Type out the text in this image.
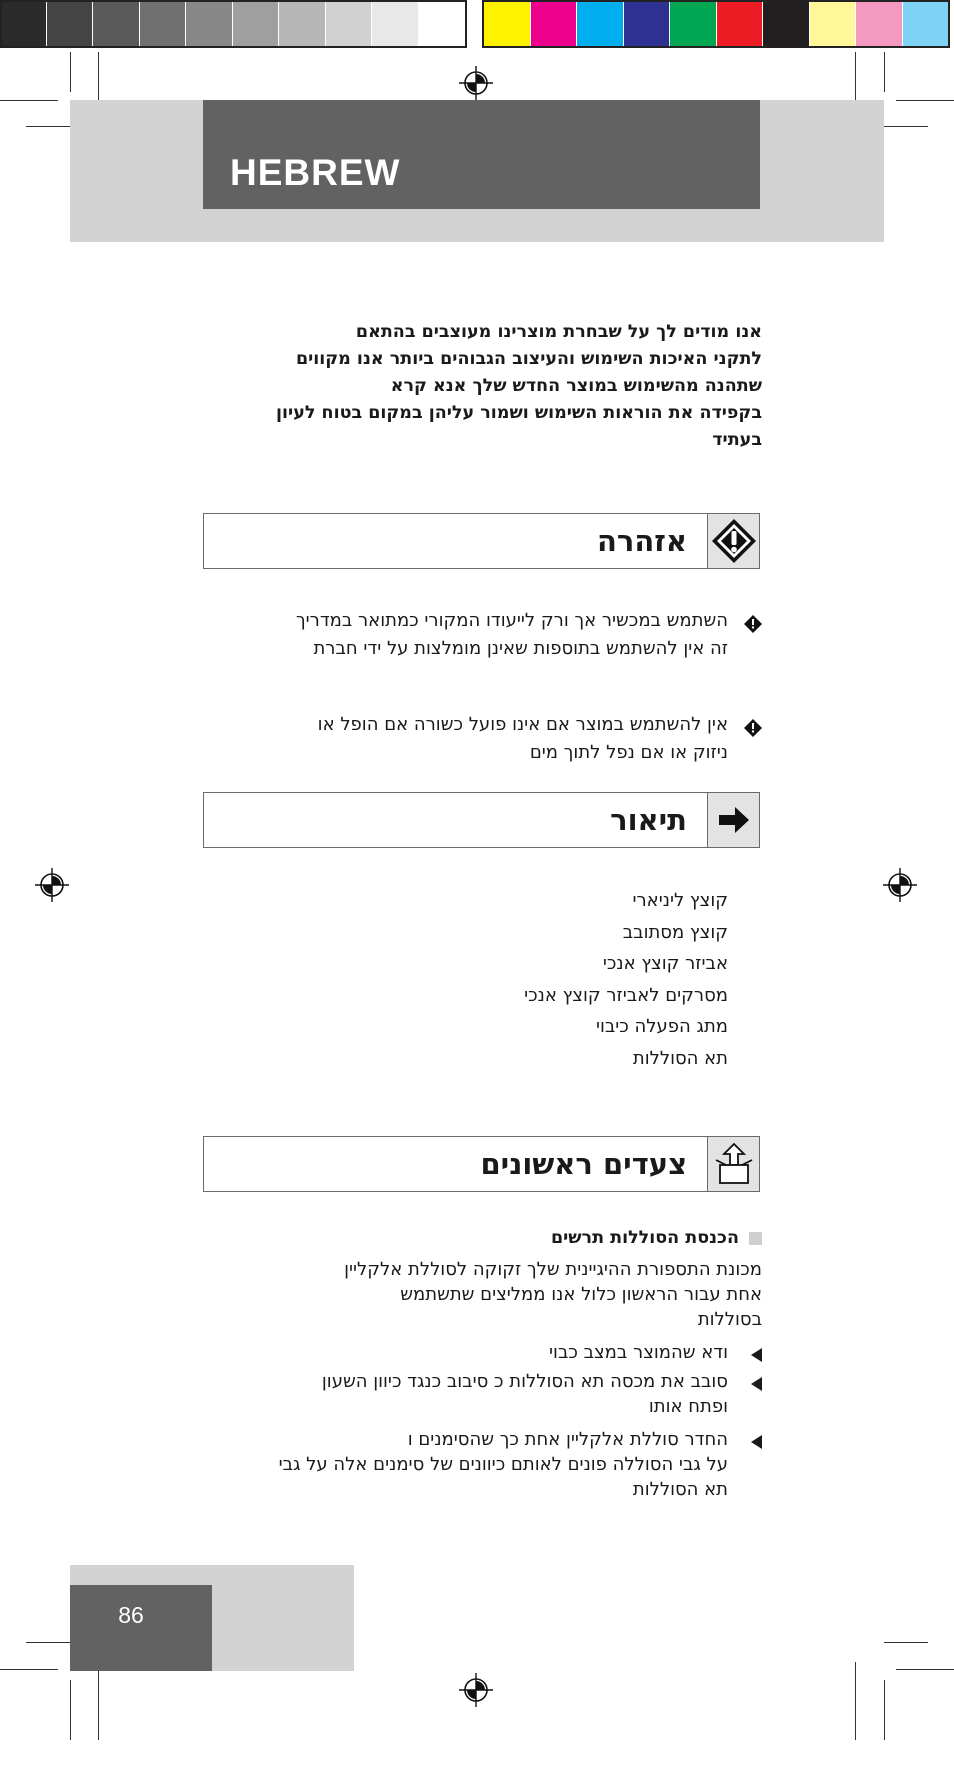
HEBREW
אנו מודים לך על שבחרת מוצרינו מעוצבים בהתאם
לתקני האיכות השימוש והעיצוב הגבוהים ביותר אנו מקווים
שתהנה מהשימוש במוצר החדש שלך אנא קרא
בקפידה את הוראות השימוש ושמור עליהן במקום בטוח לעיון
בעתיד
אזהרה
השתמש במכשיר אך ורק לייעודו המקורי כמתואר במדריך
זה אין להשתמש בתוספות שאינן מומלצות על ידי חברת
אין להשתמש במוצר אם אינו פועל כשורה אם הופל או
ניזוק או אם נפל לתוך מים
תיאור
קוצץ ליניארי
קוצץ מסתובב
אביזר קוצץ אנכי
מסרקים לאביזר קוצץ אנכי
מתג הפעלה כיבוי
תא הסוללות
צעדים ראשונים
הכנסת הסוללות תרשים
מכונת התספורת ההיגיינית שלך זקוקה לסוללת אלקליין
אחת עבור הראשון כלול אנו ממליצים שתשתמש
בסוללות
ודא שהמוצר במצב כבוי
סובב את מכסה תא הסוללות כ סיבוב כנגד כיוון השעון
ופתח אותו
החדר סוללת אלקליין אחת כך שהסימנים ו
על גבי הסוללה פונים לאותם כיוונים של סימנים אלה על גבי
תא הסוללות
86
